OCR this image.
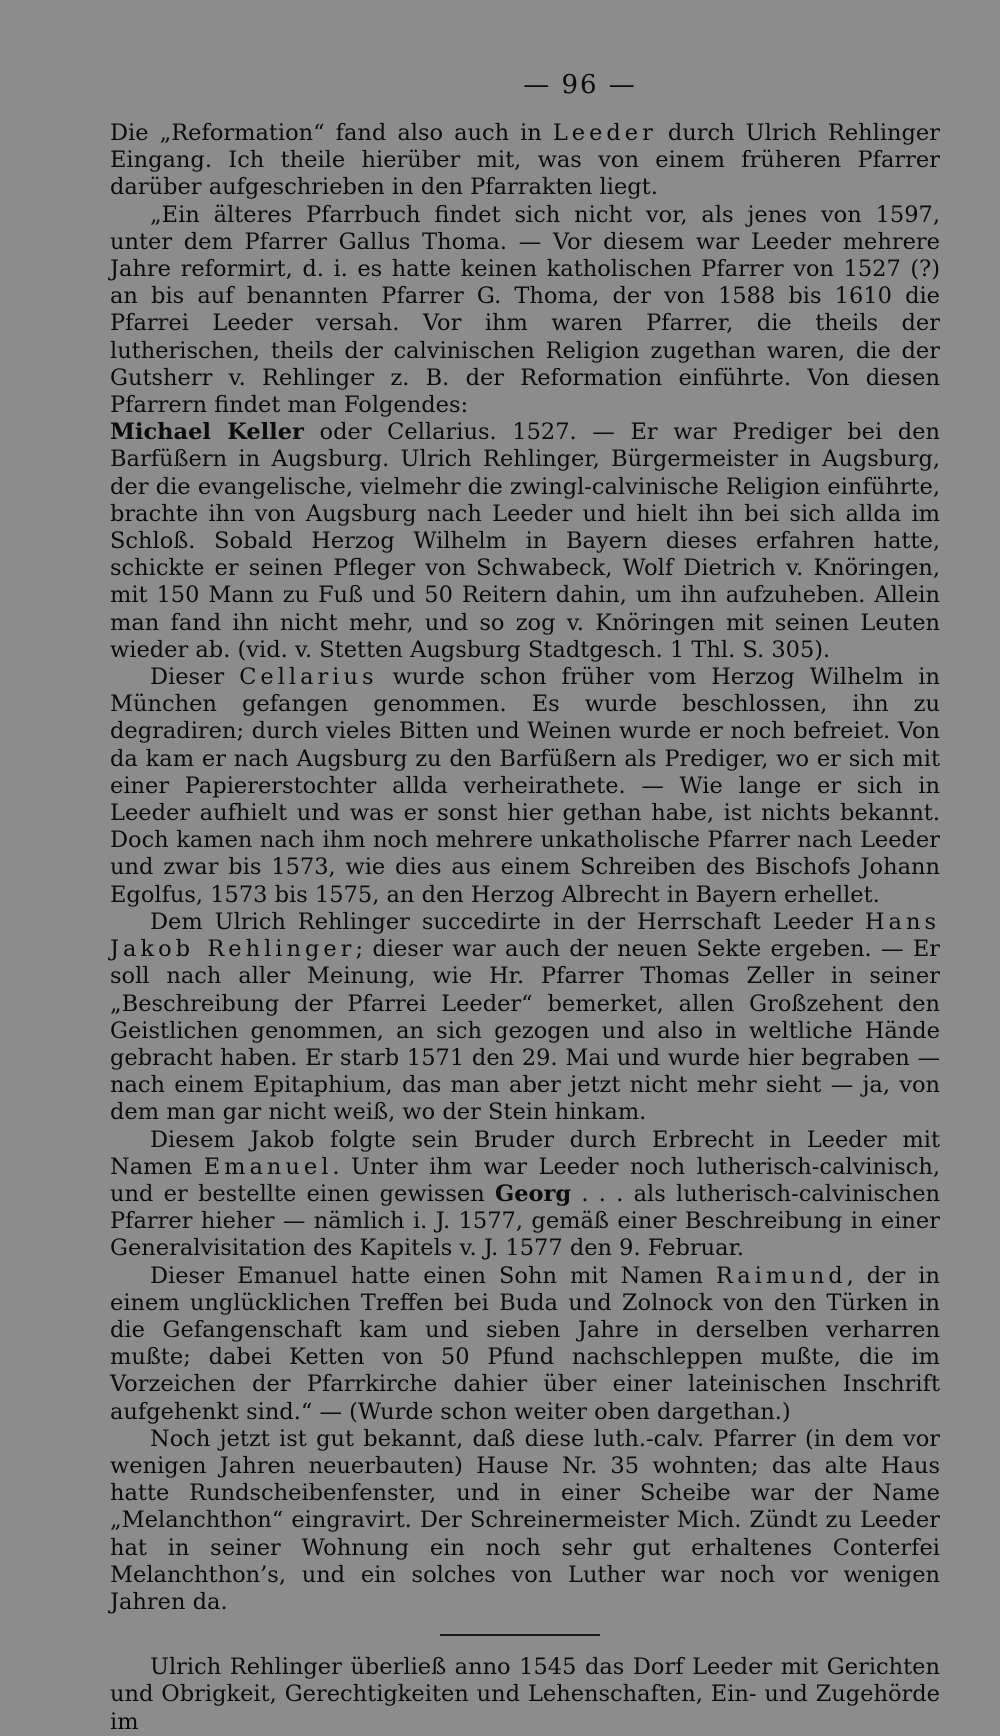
— 96 —

Die „Reformation“ fand also auch in Leeder durch Ulrich Rehlinger Eingang. Ich theile hierüber mit, was von einem früheren Pfarrer darüber aufgeschrieben in den Pfarrakten liegt.

„Ein älteres Pfarrbuch findet sich nicht vor, als jenes von 1597, unter dem Pfarrer Gallus Thoma. — Vor diesem war Leeder mehrere Jahre reformirt, d. i. es hatte keinen katholischen Pfarrer von 1527 (?) an bis auf benannten Pfarrer G. Thoma, der von 1588 bis 1610 die Pfarrei Leeder versah. Vor ihm waren Pfarrer, die theils der lutherischen, theils der calvinischen Religion zugethan waren, die der Gutsherr v. Rehlinger z. B. der Reformation einführte. Von diesen Pfarrern findet man Folgendes:

Michael Keller oder Cellarius. 1527. — Er war Prediger bei den Barfüßern in Augsburg. Ulrich Rehlinger, Bürgermeister in Augsburg, der die evangelische, vielmehr die zwingl-calvinische Religion einführte, brachte ihn von Augsburg nach Leeder und hielt ihn bei sich allda im Schloß. Sobald Herzog Wilhelm in Bayern dieses erfahren hatte, schickte er seinen Pfleger von Schwabeck, Wolf Dietrich v. Knöringen, mit 150 Mann zu Fuß und 50 Reitern dahin, um ihn aufzuheben. Allein man fand ihn nicht mehr, und so zog v. Knöringen mit seinen Leuten wieder ab. (vid. v. Stetten Augsburg Stadtgesch. 1 Thl. S. 305).

Dieser Cellarius wurde schon früher vom Herzog Wilhelm in München gefangen genommen. Es wurde beschlossen, ihn zu degradiren; durch vieles Bitten und Weinen wurde er noch befreiet. Von da kam er nach Augsburg zu den Barfüßern als Prediger, wo er sich mit einer Papiererstochter allda verheirathete. — Wie lange er sich in Leeder aufhielt und was er sonst hier gethan habe, ist nichts bekannt. Doch kamen nach ihm noch mehrere unkatholische Pfarrer nach Leeder und zwar bis 1573, wie dies aus einem Schreiben des Bischofs Johann Egolfus, 1573 bis 1575, an den Herzog Albrecht in Bayern erhellet.

Dem Ulrich Rehlinger succedirte in der Herrschaft Leeder Hans Jakob Rehlinger; dieser war auch der neuen Sekte ergeben. — Er soll nach aller Meinung, wie Hr. Pfarrer Thomas Zeller in seiner „Beschreibung der Pfarrei Leeder“ bemerket, allen Großzehent den Geistlichen genommen, an sich gezogen und also in weltliche Hände gebracht haben. Er starb 1571 den 29. Mai und wurde hier begraben — nach einem Epitaphium, das man aber jetzt nicht mehr sieht — ja, von dem man gar nicht weiß, wo der Stein hinkam.

Diesem Jakob folgte sein Bruder durch Erbrecht in Leeder mit Namen Emanuel. Unter ihm war Leeder noch lutherisch-calvinisch, und er bestellte einen gewissen Georg . . . als lutherisch-calvinischen Pfarrer hieher — nämlich i. J. 1577, gemäß einer Beschreibung in einer Generalvisitation des Kapitels v. J. 1577 den 9. Februar.

Dieser Emanuel hatte einen Sohn mit Namen Raimund, der in einem unglücklichen Treffen bei Buda und Zolnock von den Türken in die Gefangenschaft kam und sieben Jahre in derselben verharren mußte; dabei Ketten von 50 Pfund nachschleppen mußte, die im Vorzeichen der Pfarrkirche dahier über einer lateinischen Inschrift aufgehenkt sind.“ — (Wurde schon weiter oben dargethan.)

Noch jetzt ist gut bekannt, daß diese luth.-calv. Pfarrer (in dem vor wenigen Jahren neuerbauten) Hause Nr. 35 wohnten; das alte Haus hatte Rundscheibenfenster, und in einer Scheibe war der Name „Melanchthon“ eingravirt. Der Schreinermeister Mich. Zündt zu Leeder hat in seiner Wohnung ein noch sehr gut erhaltenes Conterfei Melanchthon’s, und ein solches von Luther war noch vor wenigen Jahren da.

Ulrich Rehlinger überließ anno 1545 das Dorf Leeder mit Gerichten und Obrigkeit, Gerechtigkeiten und Lehenschaften, Ein- und Zugehörde im
